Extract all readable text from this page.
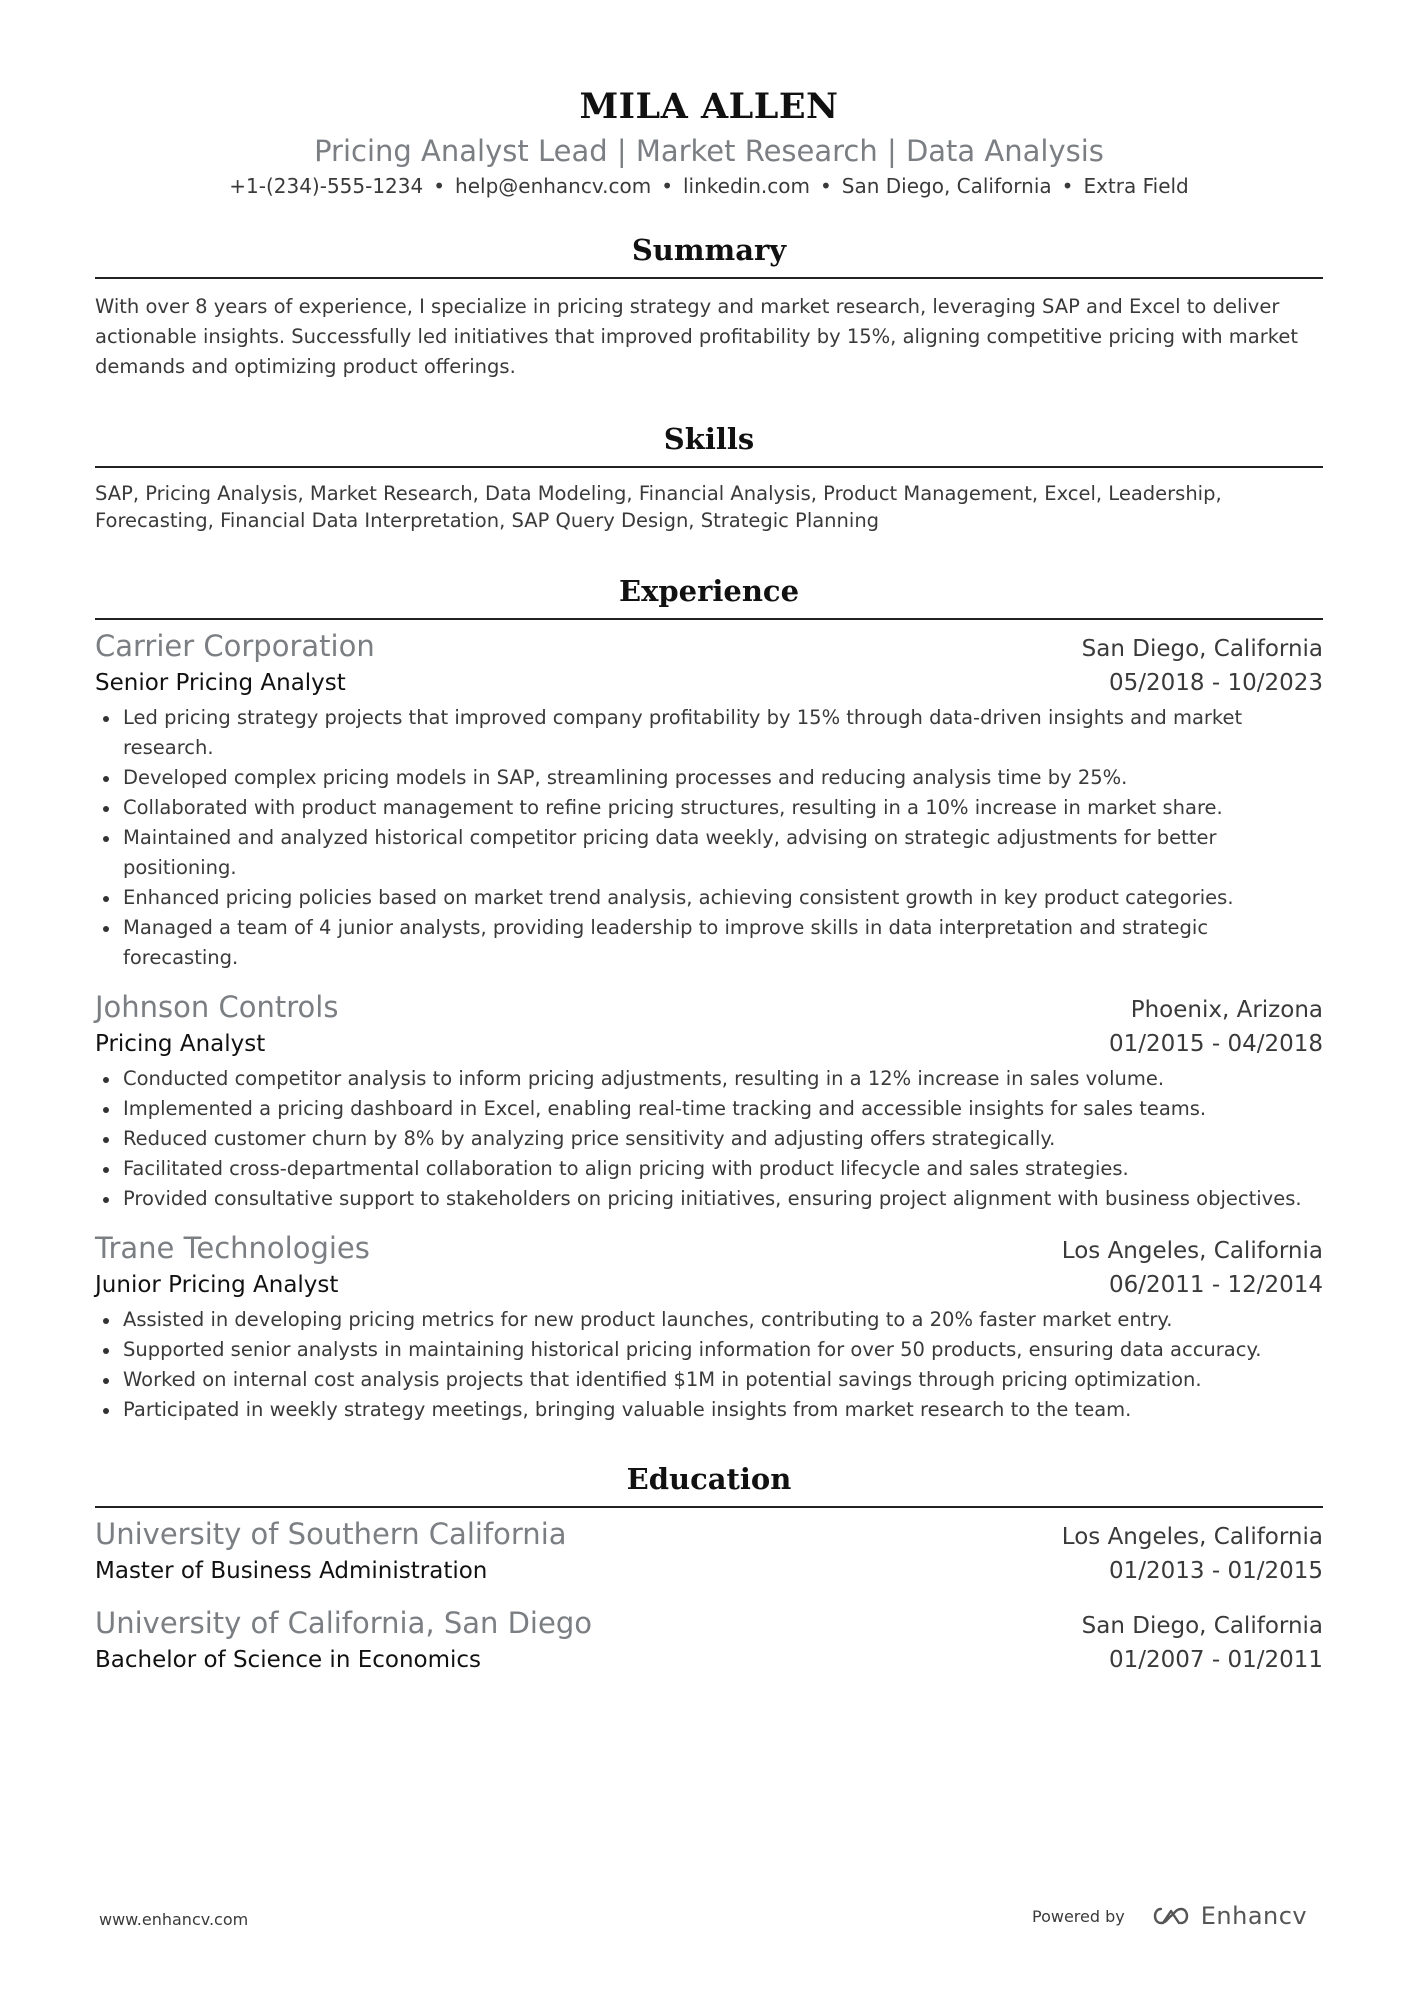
MILA ALLEN
Pricing Analyst Lead | Market Research | Data Analysis
+1-(234)-555-1234 • help@enhancv.com • linkedin.com • San Diego, California • Extra Field
Summary
With over 8 years of experience, I specialize in pricing strategy and market research, leveraging SAP and Excel to deliver actionable insights. Successfully led initiatives that improved profitability by 15%, aligning competitive pricing with market demands and optimizing product offerings.
Skills
SAP, Pricing Analysis, Market Research, Data Modeling, Financial Analysis, Product Management, Excel, Leadership,
Forecasting, Financial Data Interpretation, SAP Query Design, Strategic Planning
Experience
Carrier Corporation	San Diego, California
Senior Pricing Analyst	05/2018 - 10/2023
Led pricing strategy projects that improved company profitability by 15% through data-driven insights and market research.
Developed complex pricing models in SAP, streamlining processes and reducing analysis time by 25%.
Collaborated with product management to refine pricing structures, resulting in a 10% increase in market share.
Maintained and analyzed historical competitor pricing data weekly, advising on strategic adjustments for better positioning.
Enhanced pricing policies based on market trend analysis, achieving consistent growth in key product categories.
Managed a team of 4 junior analysts, providing leadership to improve skills in data interpretation and strategic forecasting.
Johnson Controls	Phoenix, Arizona
Pricing Analyst	01/2015 - 04/2018
Conducted competitor analysis to inform pricing adjustments, resulting in a 12% increase in sales volume.
Implemented a pricing dashboard in Excel, enabling real-time tracking and accessible insights for sales teams.
Reduced customer churn by 8% by analyzing price sensitivity and adjusting offers strategically.
Facilitated cross-departmental collaboration to align pricing with product lifecycle and sales strategies.
Provided consultative support to stakeholders on pricing initiatives, ensuring project alignment with business objectives.
Trane Technologies	Los Angeles, California
Junior Pricing Analyst	06/2011 - 12/2014
Assisted in developing pricing metrics for new product launches, contributing to a 20% faster market entry.
Supported senior analysts in maintaining historical pricing information for over 50 products, ensuring data accuracy.
Worked on internal cost analysis projects that identified $1M in potential savings through pricing optimization.
Participated in weekly strategy meetings, bringing valuable insights from market research to the team.
Education
University of Southern California	Los Angeles, California
Master of Business Administration	01/2013 - 01/2015
University of California, San Diego	San Diego, California
Bachelor of Science in Economics	01/2007 - 01/2011
www.enhancv.com	Powered by	Enhancv
